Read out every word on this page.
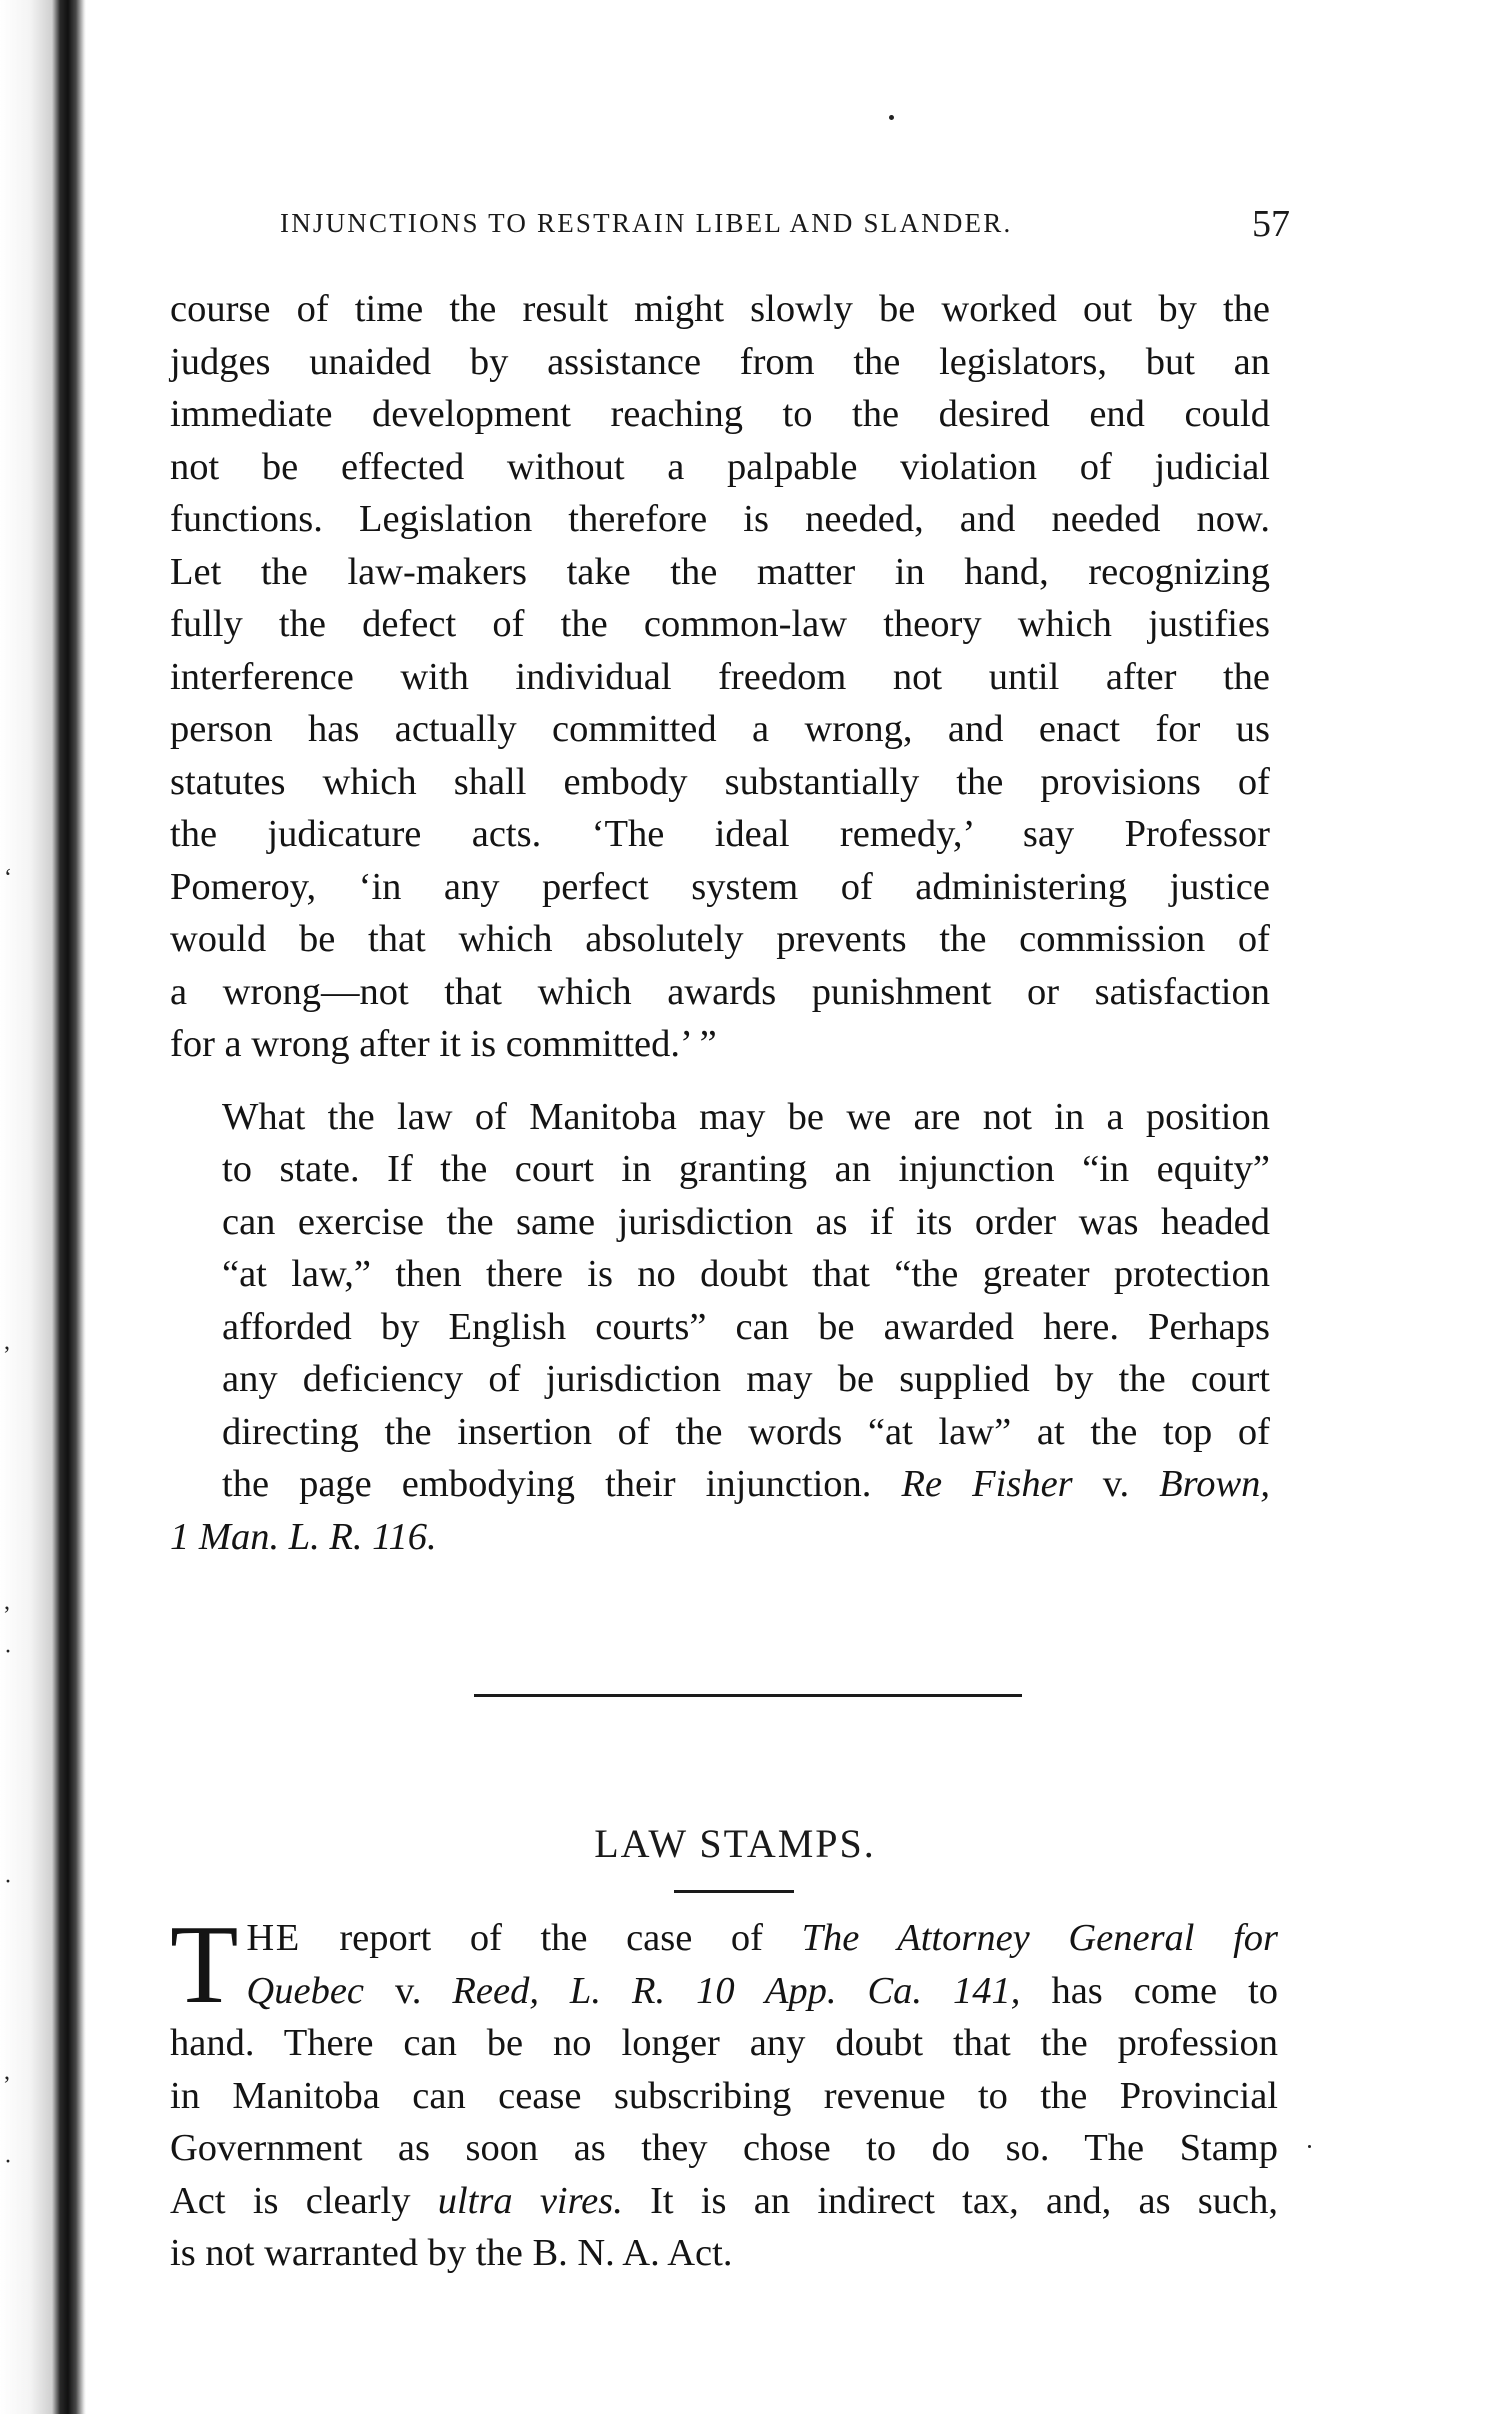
‘
,
,
·
·
,
·
INJUNCTIONS TO RESTRAIN LIBEL AND SLANDER.	57

course of time the result might slowly be worked out by the
judges unaided by assistance from the legislators, but an
immediate development reaching to the desired end could
not be effected without a palpable violation of judicial
functions. Legislation therefore is needed, and needed now.
Let the law-makers take the matter in hand, recognizing
fully the defect of the common-law theory which justifies
interference with individual freedom not until after the
person has actually committed a wrong, and enact for us
statutes which shall embody substantially the provisions of
the judicature acts. ‘The ideal remedy,’ say Professor
Pomeroy, ‘in any perfect system of administering justice
would be that which absolutely prevents the commission of
a wrong—not that which awards punishment or satisfaction
for a wrong after it is committed.’ ”

What the law of Manitoba may be we are not in a position
to state. If the court in granting an injunction “in equity”
can exercise the same jurisdiction as if its order was headed
“at law,” then there is no doubt that “the greater protection
afforded by English courts” can be awarded here. Perhaps
any deficiency of jurisdiction may be supplied by the court
directing the insertion of the words “at law” at the top of
the page embodying their injunction. Re Fisher v. Brown,

1 Man. L. R. 116.
LAW STAMPS.
T HE report of the case of The Attorney General for
Quebec v. Reed, L. R. 10 App. Ca. 141, has come to
hand. There can be no longer any doubt that the profession
in Manitoba can cease subscribing revenue to the Provincial
Government as soon as they chose to do so. The Stamp
Act is clearly ultra vires. It is an indirect tax, and, as such,
is not warranted by the B. N. A. Act.
